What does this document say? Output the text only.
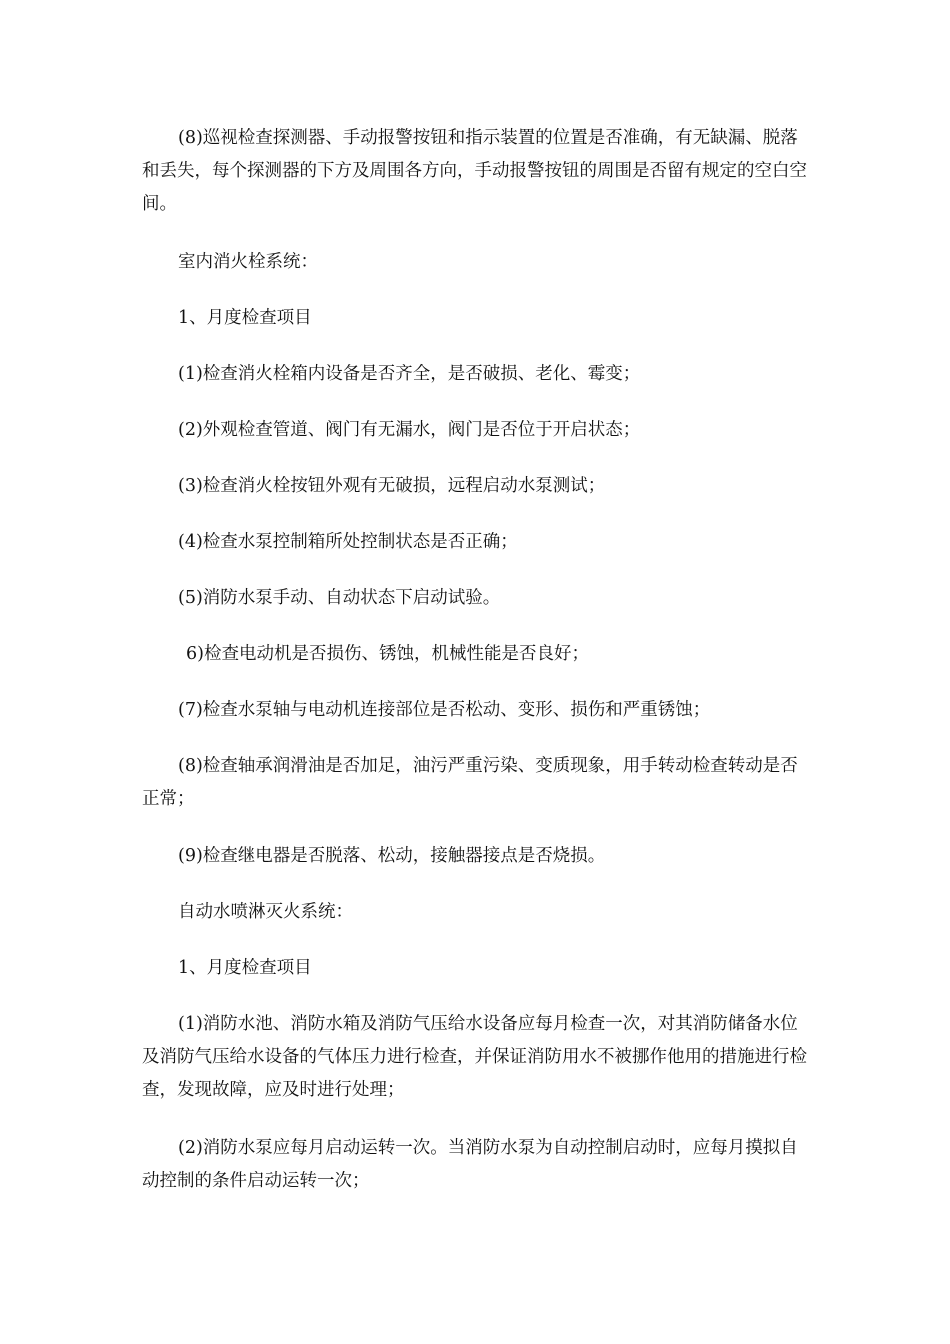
(8)巡视检查探测器、手动报警按钮和指示装置的位置是否准确，有无缺漏、脱落和丢失，每个探测器的下方及周围各方向，手动报警按钮的周围是否留有规定的空白空间。

室内消火栓系统：

1、月度检查项目

(1)检查消火栓箱内设备是否齐全，是否破损、老化、霉变；

(2)外观检查管道、阀门有无漏水，阀门是否位于开启状态；

(3)检查消火栓按钮外观有无破损，远程启动水泵测试；

(4)检查水泵控制箱所处控制状态是否正确；

(5)消防水泵手动、自动状态下启动试验。

6)检查电动机是否损伤、锈蚀，机械性能是否良好；

(7)检查水泵轴与电动机连接部位是否松动、变形、损伤和严重锈蚀；

(8)检查轴承润滑油是否加足，油污严重污染、变质现象，用手转动检查转动是否正常；

(9)检查继电器是否脱落、松动，接触器接点是否烧损。

自动水喷淋灭火系统：

1、月度检查项目

(1)消防水池、消防水箱及消防气压给水设备应每月检查一次，对其消防储备水位及消防气压给水设备的气体压力进行检查，并保证消防用水不被挪作他用的措施进行检查，发现故障，应及时进行处理；

(2)消防水泵应每月启动运转一次。当消防水泵为自动控制启动时，应每月摸拟自动控制的条件启动运转一次；
